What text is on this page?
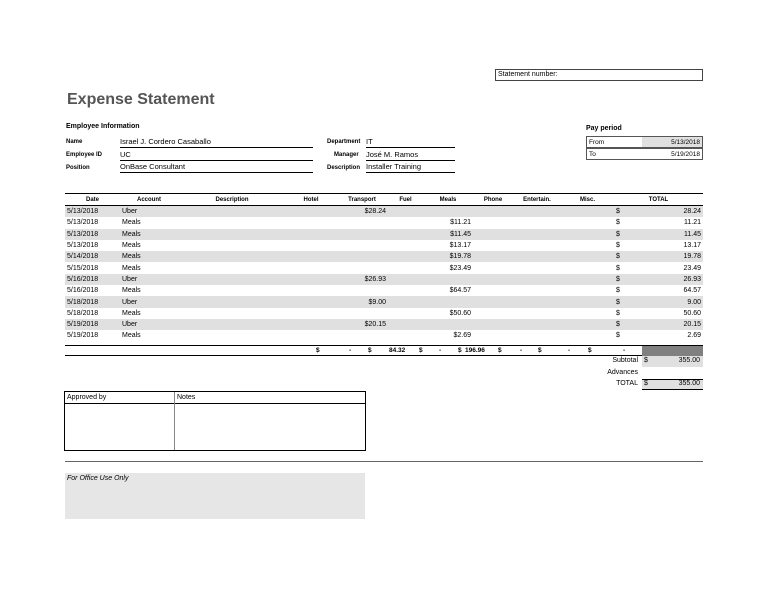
Statement number:
Expense Statement
Employee Information
Name	Israel J. Cordero Casaballo
Employee ID UC
Position	OnBase Consultant
Department IT
Manager José M. Ramos
Description Installer Training
Pay period
From	5/13/2018
To	5/19/2018
Date	Account	Description	Hotel	Transport	Fuel	Meals	Phone	Entertain.	Misc.	TOTAL	
5/13/2018	Uber			$28.24						$	28.24
5/13/2018	Meals					$11.21				$	11.21
5/13/2018	Meals					$11.45				$	11.45
5/13/2018	Meals					$13.17				$	13.17
5/14/2018	Meals					$19.78				$	19.78
5/15/2018	Meals					$23.49				$	23.49
5/16/2018	Uber			$26.93						$	26.93
5/16/2018	Meals					$64.57				$	64.57
5/18/2018	Uber			$9.00						$	9.00
5/18/2018	Meals					$50.60				$	50.60
5/19/2018	Uber			$20.15						$	20.15
5/19/2018	Meals					$2.69				$	2.69
$	-	$	84.32 $	-	$ 196.96 $	- $	-	$	-
Subtotal $	355.00
Advances
TOTAL $	355.00
Approved by	Notes
For Office Use Only
